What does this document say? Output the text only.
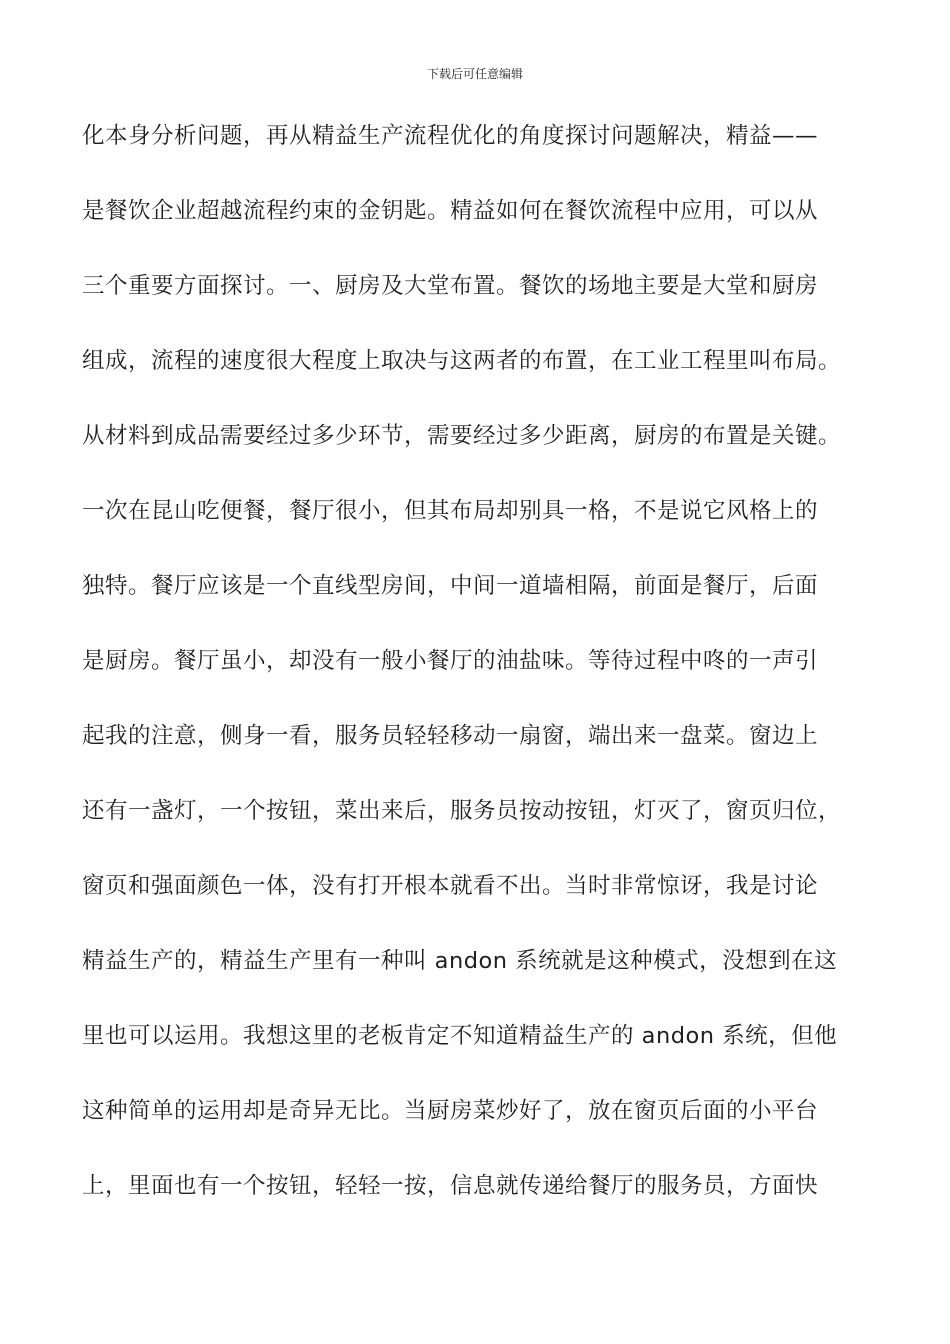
下载后可任意编辑
化本身分析问题，再从精益生产流程优化的角度探讨问题解决，精益——
是餐饮企业超越流程约束的金钥匙。精益如何在餐饮流程中应用，可以从
三个重要方面探讨。一、厨房及大堂布置。餐饮的场地主要是大堂和厨房
组成，流程的速度很大程度上取决与这两者的布置，在工业工程里叫布局。
从材料到成品需要经过多少环节，需要经过多少距离，厨房的布置是关键。
一次在昆山吃便餐，餐厅很小，但其布局却别具一格，不是说它风格上的
独特。餐厅应该是一个直线型房间，中间一道墙相隔，前面是餐厅，后面
是厨房。餐厅虽小，却没有一般小餐厅的油盐味。等待过程中咚的一声引
起我的注意，侧身一看，服务员轻轻移动一扇窗，端出来一盘菜。窗边上
还有一盏灯，一个按钮，菜出来后，服务员按动按钮，灯灭了，窗页归位，
窗页和强面颜色一体，没有打开根本就看不出。当时非常惊讶，我是讨论
精益生产的，精益生产里有一种叫 andon 系统就是这种模式，没想到在这
里也可以运用。我想这里的老板肯定不知道精益生产的 andon 系统，但他
这种简单的运用却是奇异无比。当厨房菜炒好了，放在窗页后面的小平台
上，里面也有一个按钮，轻轻一按，信息就传递给餐厅的服务员，方面快
